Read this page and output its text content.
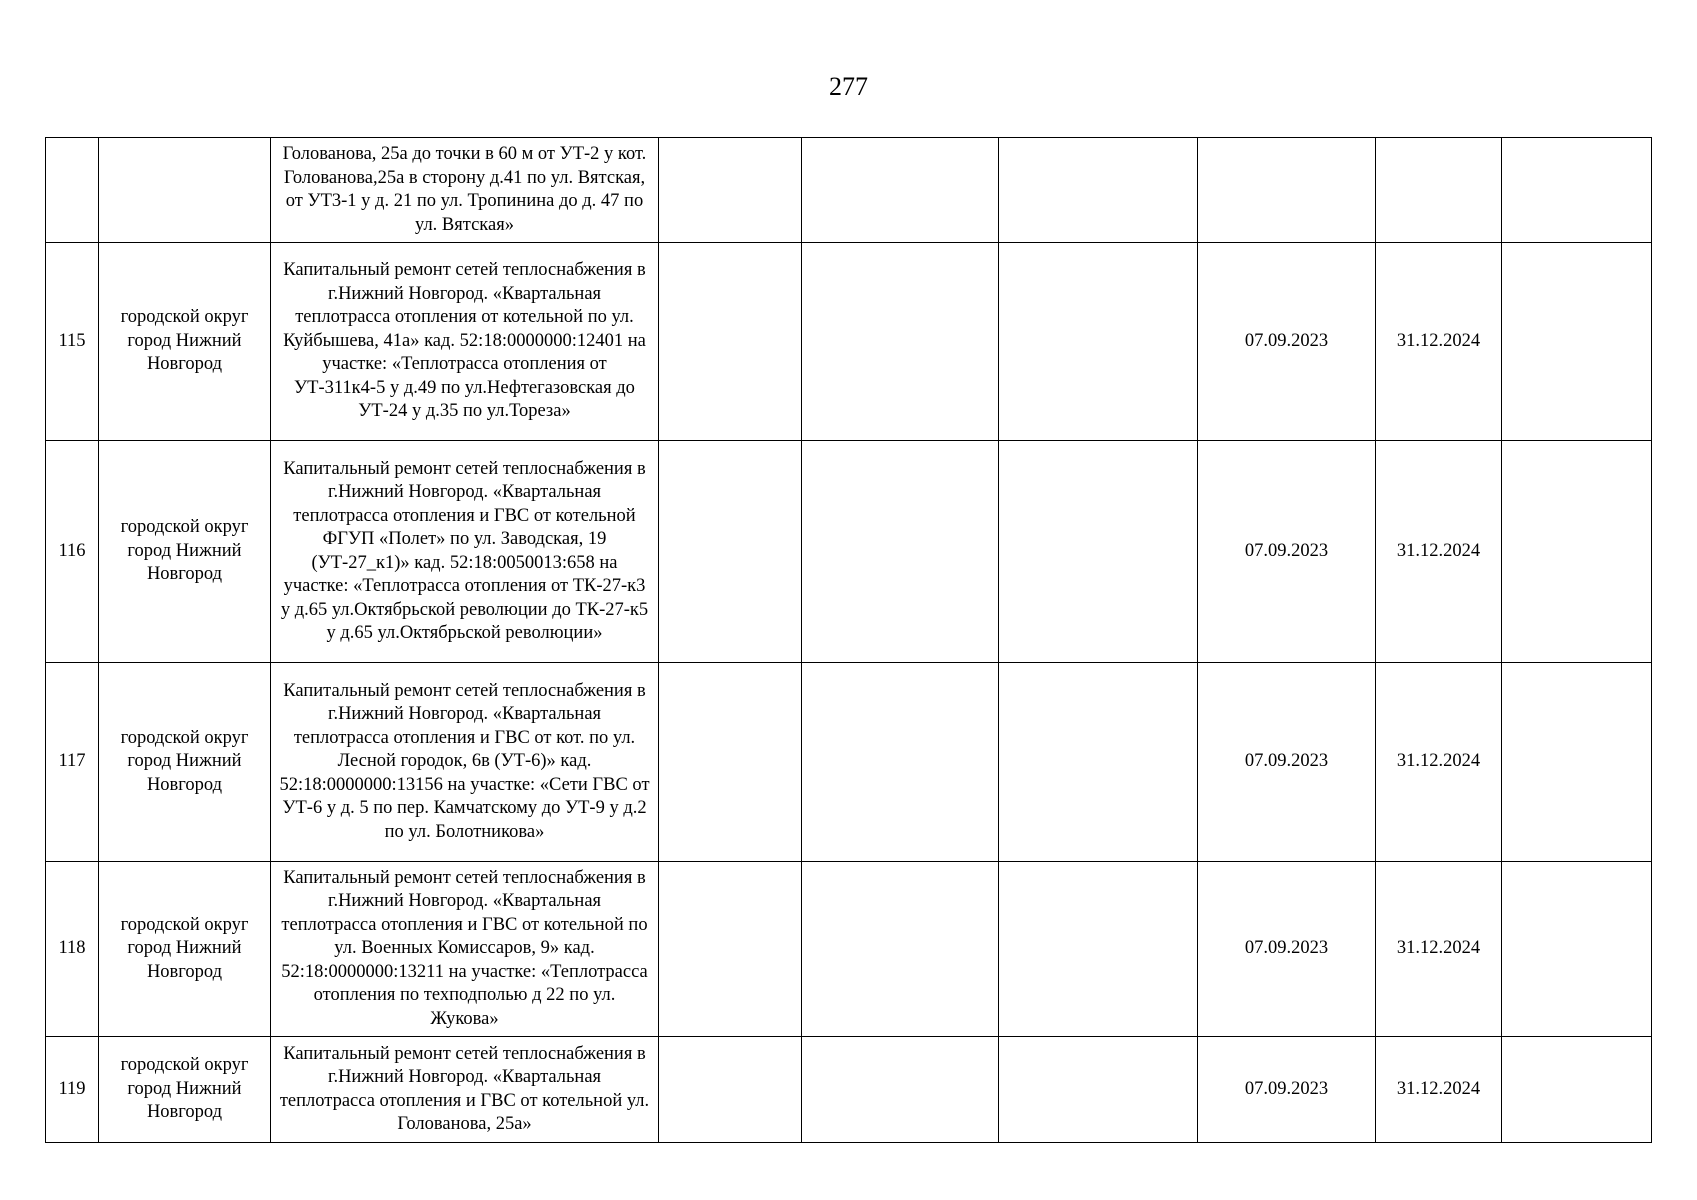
277
		Голованова, 25а до точки в 60 м от УТ-2 у кот. Голованова,25а в сторону д.41 по ул. Вятская, от УТ3-1 у д. 21 по ул. Тропинина до д. 47 по ул. Вятская»						
115	городской округ город Нижний Новгород	Капитальный ремонт сетей теплоснабжения в г.Нижний Новгород. «Квартальная теплотрасса отопления от котельной по ул. Куйбышева, 41а» кад. 52:18:0000000:12401 на участке: «Теплотрасса отопления от УТ-311к4-5 у д.49 по ул.Нефтегазовская до УТ-24 у д.35 по ул.Тореза»				07.09.2023	31.12.2024	
116	городской округ город Нижний Новгород	Капитальный ремонт сетей теплоснабжения в г.Нижний Новгород. «Квартальная теплотрасса отопления и ГВС от котельной ФГУП «Полет» по ул. Заводская, 19 (УТ-27_к1)» кад. 52:18:0050013:658 на участке: «Теплотрасса отопления от ТК-27-к3 у д.65 ул.Октябрьской революции до ТК-27-к5 у д.65 ул.Октябрьской революции»				07.09.2023	31.12.2024	
117	городской округ город Нижний Новгород	Капитальный ремонт сетей теплоснабжения в г.Нижний Новгород. «Квартальная теплотрасса отопления и ГВС от кот. по ул. Лесной городок, 6в (УТ-6)» кад. 52:18:0000000:13156 на участке: «Сети ГВС от УТ-6 у д. 5 по пер. Камчатскому до УТ-9 у д.2 по ул. Болотникова»				07.09.2023	31.12.2024	
118	городской округ город Нижний Новгород	Капитальный ремонт сетей теплоснабжения в г.Нижний Новгород. «Квартальная теплотрасса отопления и ГВС от котельной по ул. Военных Комиссаров, 9» кад. 52:18:0000000:13211 на участке: «Теплотрасса отопления по техподполью д 22 по ул. Жукова»				07.09.2023	31.12.2024	
119	городской округ город Нижний Новгород	Капитальный ремонт сетей теплоснабжения в г.Нижний Новгород. «Квартальная теплотрасса отопления и ГВС от котельной ул. Голованова, 25а»				07.09.2023	31.12.2024	
